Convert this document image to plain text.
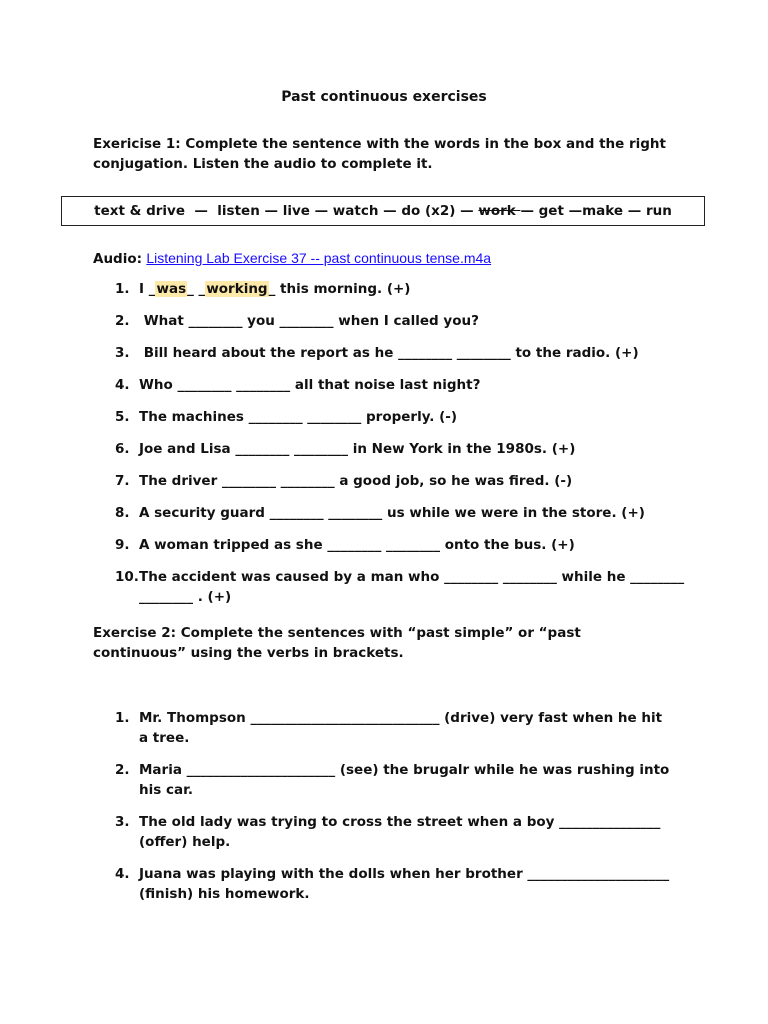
Past continuous exercises
Exericise 1: Complete the sentence with the words in the box and the right conjugation. Listen the audio to complete it.
text & drive  —  listen — live — watch — do (x2) — work — get —make — run
Audio: Listening Lab Exercise 37 -- past continuous tense.m4a
1. I _was_ _working_ this morning. (+)
2. What ________ you ________ when I called you?
3. Bill heard about the report as he ________ ________ to the radio. (+)
4. Who ________ ________ all that noise last night?
5. The machines ________ ________ properly. (-)
6. Joe and Lisa ________ ________ in New York in the 1980s. (+)
7. The driver ________ ________ a good job, so he was fired. (-)
8. A security guard ________ ________ us while we were in the store. (+)
9. A woman tripped as she ________ ________ onto the bus. (+)
10. The accident was caused by a man who ________ ________ while he ________ ________ . (+)
Exercise 2: Complete the sentences with “past simple” or “past continuous” using the verbs in brackets.
1. Mr. Thompson ____________________________ (drive) very fast when he hit a tree.
2. Maria ______________________ (see) the brugalr while he was rushing into his car.
3. The old lady was trying to cross the street when a boy _______________ (offer) help.
4. Juana was playing with the dolls when her brother _____________________ (finish) his homework.
